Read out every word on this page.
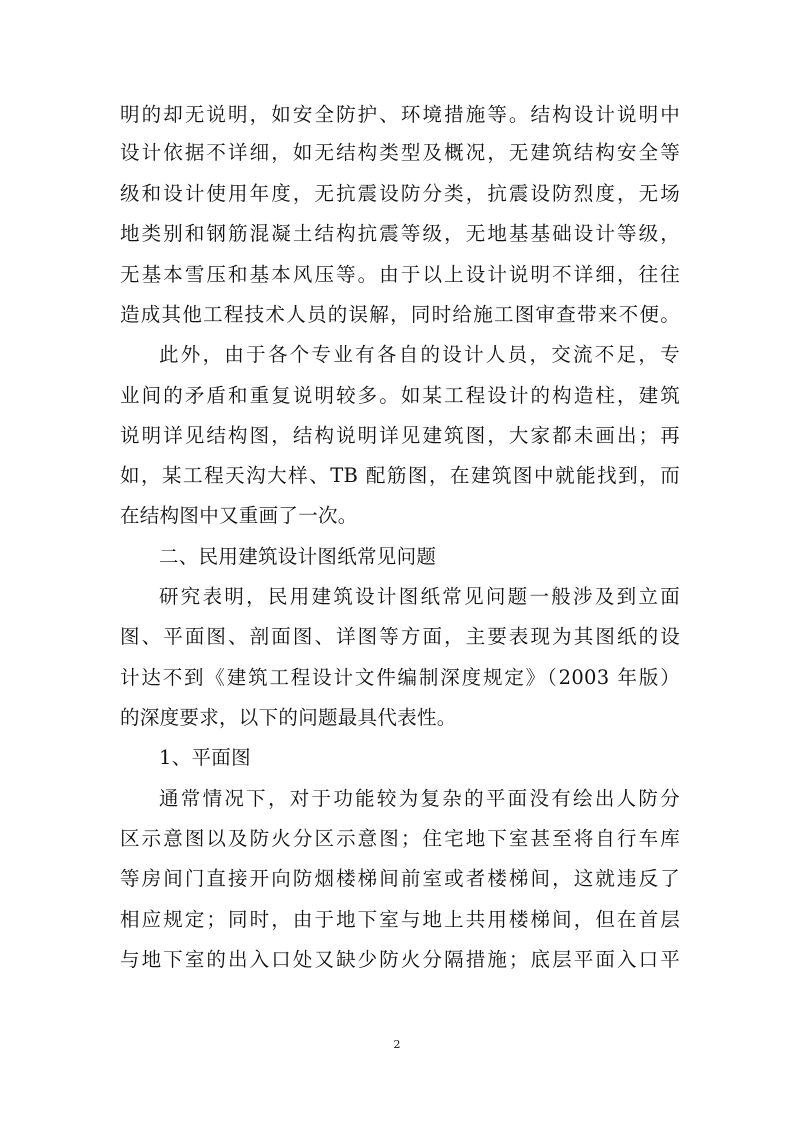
明的却无说明，如安全防护、环境措施等。结构设计说明中
设计依据不详细，如无结构类型及概况，无建筑结构安全等
级和设计使用年度，无抗震设防分类，抗震设防烈度，无场
地类别和钢筋混凝土结构抗震等级，无地基基础设计等级，
无基本雪压和基本风压等。由于以上设计说明不详细，往往
造成其他工程技术人员的误解，同时给施工图审查带来不便。
此外，由于各个专业有各自的设计人员，交流不足，专
业间的矛盾和重复说明较多。如某工程设计的构造柱，建筑
说明详见结构图，结构说明详见建筑图，大家都未画出；再
如，某工程天沟大样、TB 配筋图，在建筑图中就能找到，而
在结构图中又重画了一次。
二、民用建筑设计图纸常见问题
研究表明，民用建筑设计图纸常见问题一般涉及到立面
图、平面图、剖面图、详图等方面，主要表现为其图纸的设
计达不到《建筑工程设计文件编制深度规定》（2003 年版）
的深度要求，以下的问题最具代表性。
1、平面图
通常情况下，对于功能较为复杂的平面没有绘出人防分
区示意图以及防火分区示意图；住宅地下室甚至将自行车库
等房间门直接开向防烟楼梯间前室或者楼梯间，这就违反了
相应规定；同时，由于地下室与地上共用楼梯间，但在首层
与地下室的出入口处又缺少防火分隔措施；底层平面入口平
2
